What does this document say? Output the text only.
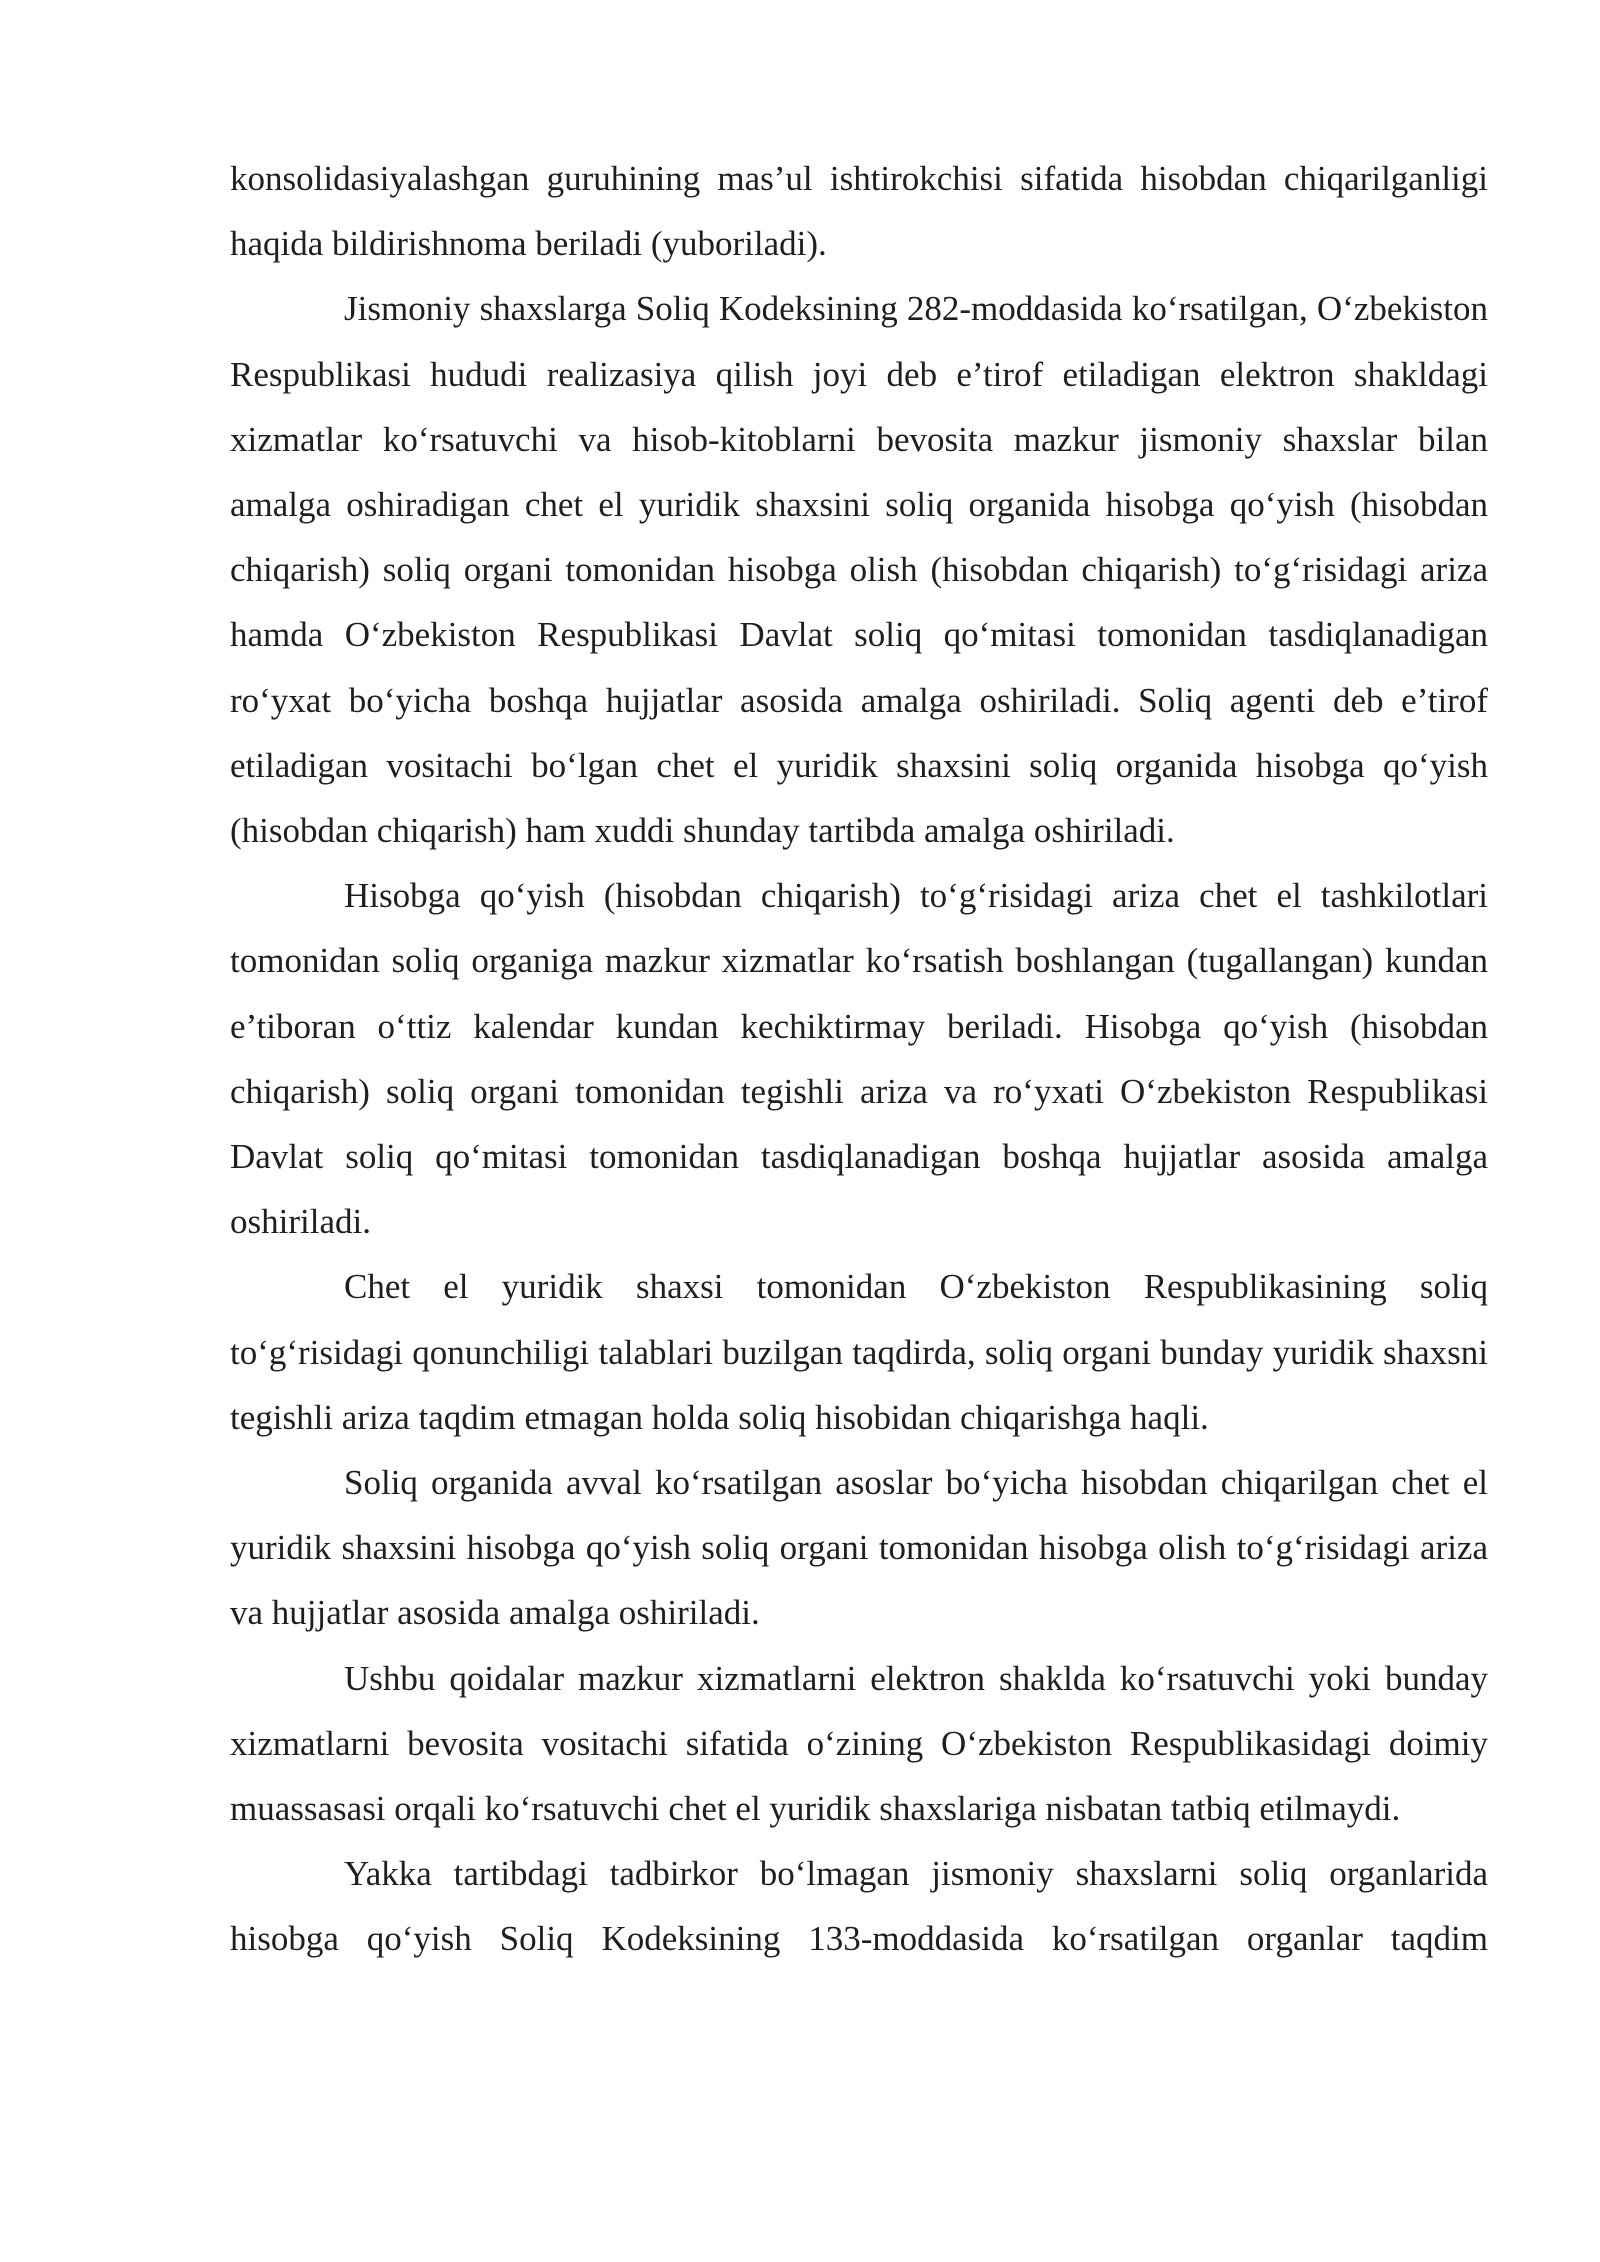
konsolidasiyalashgan guruhining mas’ul ishtirokchisi sifatida hisobdan chiqarilganligi haqida bildirishnoma beriladi (yuboriladi).

Jismoniy shaxslarga Soliq Kodeksining 282-moddasida ko‘rsatilgan, O‘zbekiston Respublikasi hududi realizasiya qilish joyi deb e’tirof etiladigan elektron shakldagi xizmatlar ko‘rsatuvchi va hisob-kitoblarni bevosita mazkur jismoniy shaxslar bilan amalga oshiradigan chet el yuridik shaxsini soliq organida hisobga qo‘yish (hisobdan chiqarish) soliq organi tomonidan hisobga olish (hisobdan chiqarish) to‘g‘risidagi ariza hamda O‘zbekiston Respublikasi Davlat soliq qo‘mitasi tomonidan tasdiqlanadigan ro‘yxat bo‘yicha boshqa hujjatlar asosida amalga oshiriladi. Soliq agenti deb e’tirof etiladigan vositachi bo‘lgan chet el yuridik shaxsini soliq organida hisobga qo‘yish (hisobdan chiqarish) ham xuddi shunday tartibda amalga oshiriladi.

Hisobga qo‘yish (hisobdan chiqarish) to‘g‘risidagi ariza chet el tashkilotlari tomonidan soliq organiga mazkur xizmatlar ko‘rsatish boshlangan (tugallangan) kundan e’tiboran o‘ttiz kalendar kundan kechiktirmay beriladi. Hisobga qo‘yish (hisobdan chiqarish) soliq organi tomonidan tegishli ariza va ro‘yxati O‘zbekiston Respublikasi Davlat soliq qo‘mitasi tomonidan tasdiqlanadigan boshqa hujjatlar asosida amalga oshiriladi.

Chet el yuridik shaxsi tomonidan O‘zbekiston Respublikasining soliq to‘g‘risidagi qonunchiligi talablari buzilgan taqdirda, soliq organi bunday yuridik shaxsni tegishli ariza taqdim etmagan holda soliq hisobidan chiqarishga haqli.

Soliq organida avval ko‘rsatilgan asoslar bo‘yicha hisobdan chiqarilgan chet el yuridik shaxsini hisobga qo‘yish soliq organi tomonidan hisobga olish to‘g‘risidagi ariza va hujjatlar asosida amalga oshiriladi.

Ushbu qoidalar mazkur xizmatlarni elektron shaklda ko‘rsatuvchi yoki bunday xizmatlarni bevosita vositachi sifatida o‘zining O‘zbekiston Respublikasidagi doimiy muassasasi orqali ko‘rsatuvchi chet el yuridik shaxslariga nisbatan tatbiq etilmaydi.

Yakka tartibdagi tadbirkor bo‘lmagan jismoniy shaxslarni soliq organlarida hisobga qo‘yish Soliq Kodeksining 133-moddasida ko‘rsatilgan organlar taqdim
